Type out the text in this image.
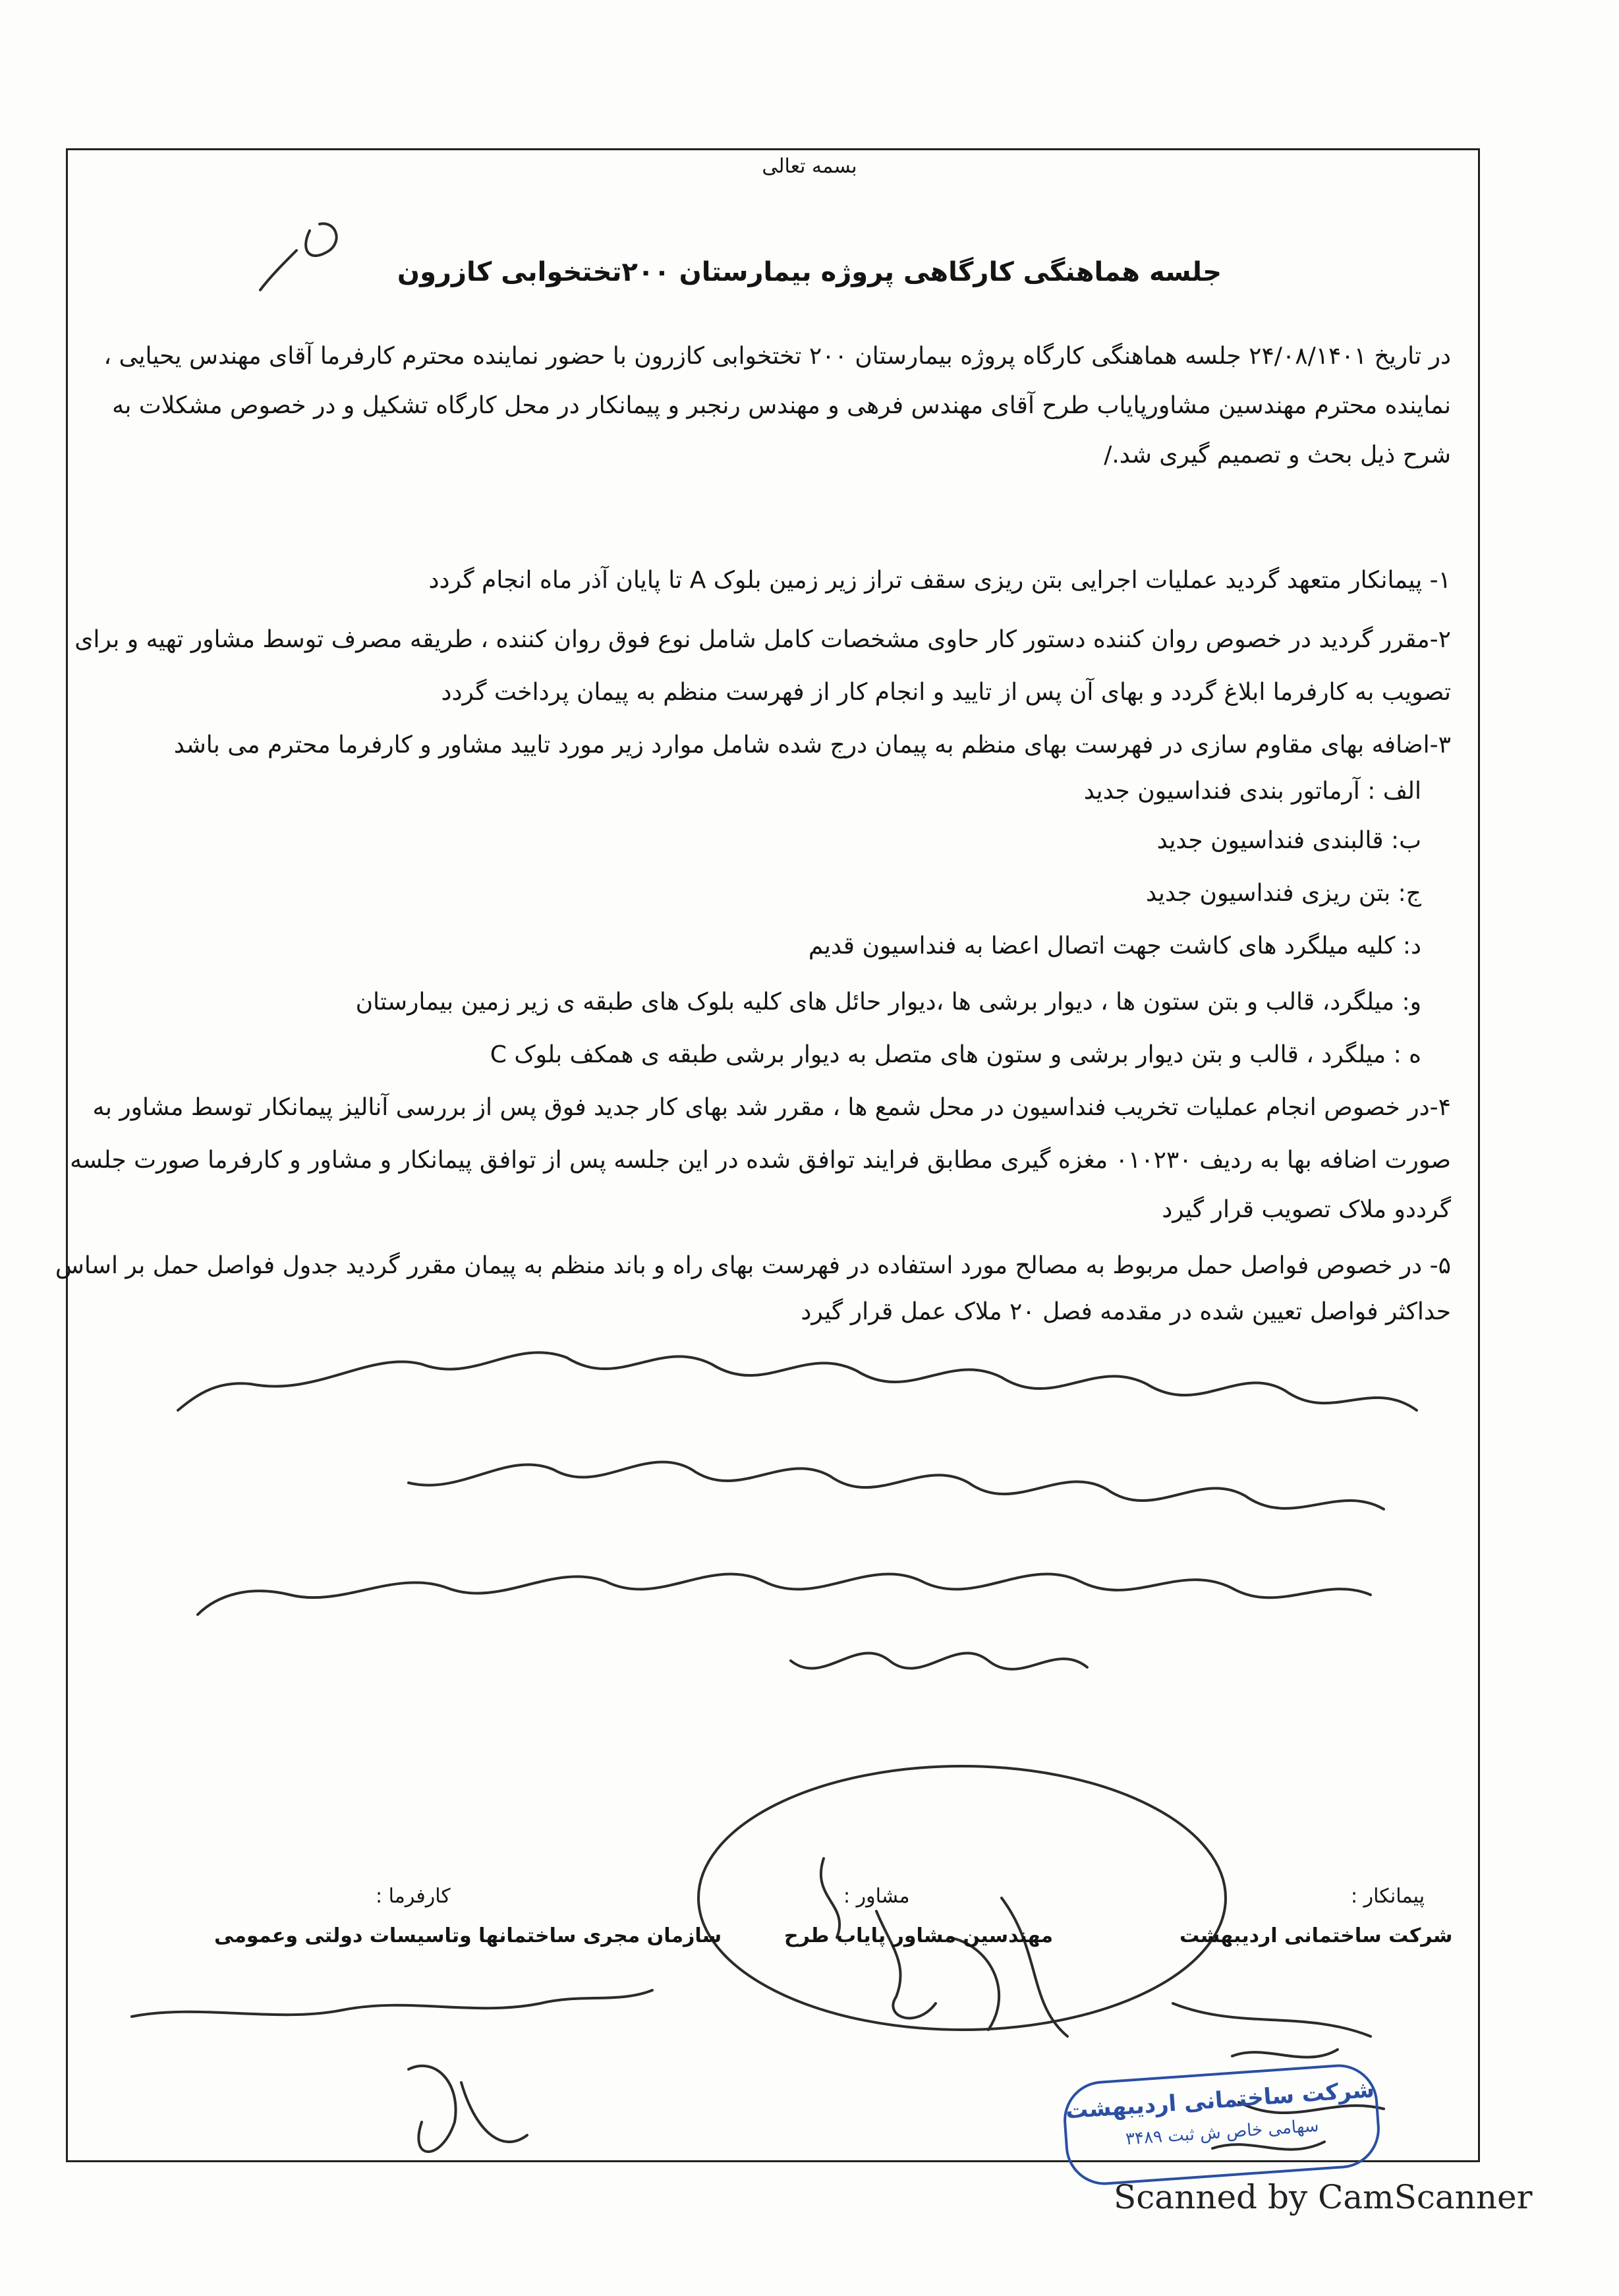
بسمه تعالی
جلسه هماهنگی کارگاهی پروژه بیمارستان ۲۰۰تختخوابی کازرون
در تاریخ ۲۴/۰۸/۱۴۰۱ جلسه هماهنگی کارگاه پروژه بیمارستان ۲۰۰ تختخوابی کازرون با حضور نماینده محترم کارفرما آقای مهندس یحیایی ،
نماینده محترم مهندسین مشاورپایاب طرح آقای مهندس فرهی و مهندس رنجبر و پیمانکار در محل کارگاه تشکیل و در خصوص مشکلات به
شرح ذیل بحث و تصمیم گیری شد./
۱- پیمانکار متعهد گردید عملیات اجرایی بتن ریزی سقف تراز زیر زمین بلوک A تا پایان آذر ماه انجام گردد
۲-مقرر گردید در خصوص روان کننده دستور کار حاوی مشخصات کامل شامل نوع فوق روان کننده ، طریقه مصرف توسط مشاور تهیه و برای
تصویب به کارفرما ابلاغ گردد و بهای آن پس از تایید و انجام کار از فهرست منظم به پیمان پرداخت گردد
۳-اضافه بهای مقاوم سازی در فهرست بهای منظم به پیمان درج شده شامل موارد زیر مورد تایید مشاور و کارفرما محترم می باشد
الف : آرماتور بندی فنداسیون جدید
ب: قالبندی فنداسیون جدید
ج: بتن ریزی فنداسیون جدید
د: کلیه میلگرد های کاشت جهت اتصال اعضا به فنداسیون قدیم
و: میلگرد، قالب و بتن ستون ها ، دیوار برشی ها ،دیوار حائل های کلیه بلوک های طبقه ی زیر زمین بیمارستان
ه : میلگرد ، قالب و بتن دیوار برشی و ستون های متصل به دیوار برشی طبقه ی همکف بلوک C
۴-در خصوص انجام عملیات تخریب فنداسیون در محل شمع ها ، مقرر شد بهای کار جدید فوق پس از بررسی آنالیز پیمانکار توسط مشاور به
صورت اضافه بها به ردیف ۰۱۰۲۳۰ مغزه گیری مطابق فرایند توافق شده در این جلسه پس از توافق پیمانکار و مشاور و کارفرما صورت جلسه
گرددو ملاک تصویب قرار گیرد
۵- در خصوص فواصل حمل مربوط به مصالح مورد استفاده در فهرست بهای راه و باند منظم به پیمان مقرر گردید جدول فواصل حمل بر اساس
حداکثر فواصل تعیین شده در مقدمه فصل ۲۰ ملاک عمل قرار گیرد
کارفرما :
سازمان مجری ساختمانها وتاسیسات دولتی وعمومی
مشاور :
مهندسین مشاور پایاب طرح
پیمانکار :
شرکت ساختمانی اردیبهشت
شرکت ساختمانی اردیبهشت
سهامی خاص ش ثبت ۳۴۸۹
Scanned by CamScanner
